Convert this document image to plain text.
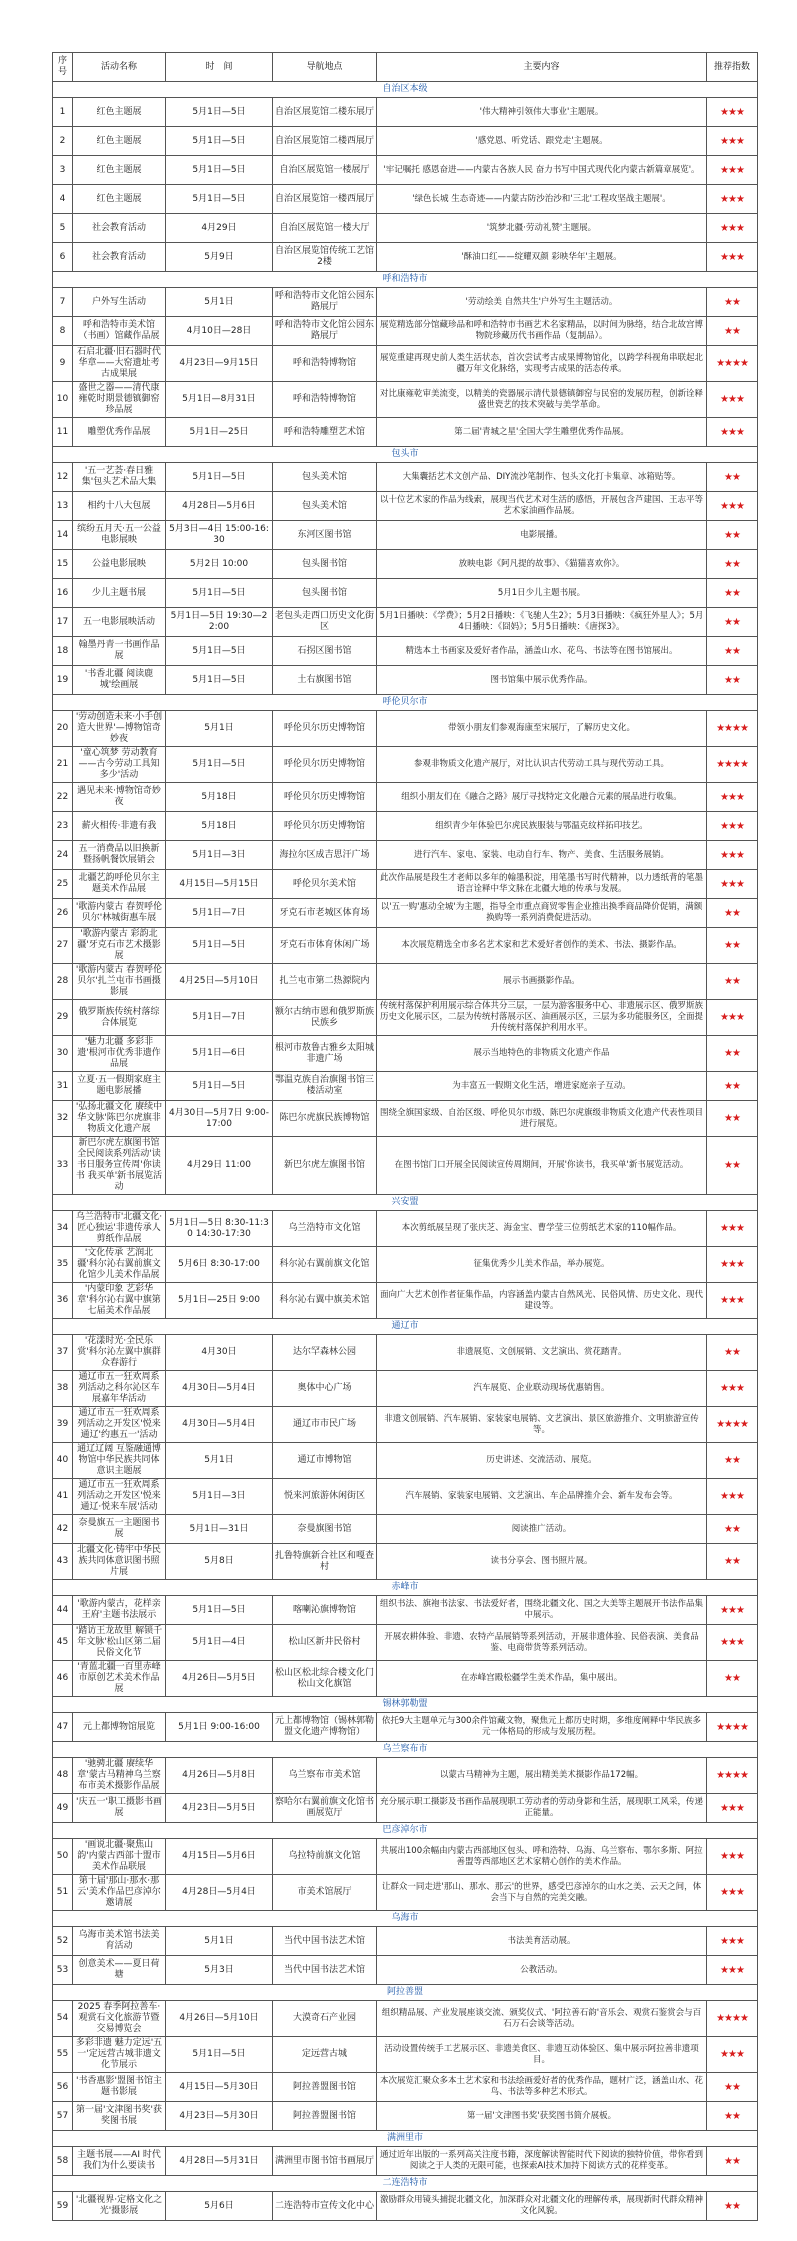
序号	活动名称	时　间	导航地点	主要内容	推荐指数
自治区本级					
1	红色主题展	5月1日—5日	自治区展览馆二楼东展厅	'伟大精神引领伟大事业'主题展。	★★★
2	红色主题展	5月1日—5日	自治区展览馆二楼西展厅	'感党恩、听党话、跟党走'主题展。	★★★
3	红色主题展	5月1日—5日	自治区展览馆一楼展厅	'牢记嘱托 感恩奋进——内蒙古各族人民 奋力书写中国式现代化内蒙古新篇章展览'。	★★★
4	红色主题展	5月1日—5日	自治区展览馆一楼西展厅	'绿色长城 生态奇迹——内蒙古防沙治沙和'三北'工程攻坚战主题展'。	★★★
5	社会教育活动	4月29日	自治区展览馆一楼大厅	'筑梦北疆·劳动礼赞'主题展。	★★★
6	社会教育活动	5月9日	自治区展览馆传统工艺馆2楼	'酥油口红——绽耀双颜 彩映华年'主题展。	★★★
呼和浩特市					
7	户外写生活动	5月1日	呼和浩特市文化馆公园东路展厅	'劳动绘美 自然共生'户外写生主题活动。	★★
8	呼和浩特市美术馆（书画）馆藏作品展	4月10日—28日	呼和浩特市文化馆公园东路展厅	展览精选部分馆藏珍品和呼和浩特市书画艺术名家精品，以时间为脉络，结合北故宫博物院珍藏历代书画作品（复制品）。	★★
9	石启北疆·旧石器时代华章——大窑遗址考古成果展	4月23日—9月15日	呼和浩特博物馆	展览重建再现史前人类生活状态，首次尝试考古成果博物馆化，以跨学科视角串联起北疆万年文化脉络，实现考古成果的活态传承。	★★★★
10	盛世之器——清代康雍乾时期景德镇御窑珍品展	5月1日—8月31日	呼和浩特博物馆	对比康雍乾审美流变，以精美的瓷器展示清代景德镇御窑与民窑的发展历程，创新诠释盛世瓷艺的技术突破与美学革命。	★★★
11	雕塑优秀作品展	5月1日—25日	呼和浩特雕塑艺术馆	第二届'青城之星'全国大学生雕塑优秀作品展。	★★★
包头市					
12	'五一艺荟·春日雅集'包头艺术品大集	5月1日—5日	包头美术馆	大集囊括艺术文创产品、DIY流沙笔制作、包头文化打卡集章、冰箱贴等。	★★
13	相约十八大包展	4月28日—5月6日	包头美术馆	以十位艺术家的作品为线索，展现当代艺术对生活的感悟，开展包含芦建国、王志平等艺术家油画作品展。	★★★
14	缤纷五月天·五一公益电影展映	5月3日—4日 15:00-16:30	东河区图书馆	电影展播。	★★
15	公益电影展映	5月2日 10:00	包头图书馆	放映电影《阿凡提的故事》、《猫猫喜欢你》。	★★
16	少儿主题书展	5月1日—5日	包头图书馆	5月1日少儿主题书展。	★★
17	五一电影展映活动	5月1日—5日 19:30—22:00	老包头走西口历史文化街区	5月1日播映：《学费》；5月2日播映：《飞驰人生2》；5月3日播映：《疯狂外星人》；5月4日播映：《囧妈》；5月5日播映：《唐探3》。	★★
18	翰墨丹青一书画作品展	5月1日—5日	石拐区图书馆	精选本土书画家及爱好者作品，涵盖山水、花鸟、书法等在图书馆展出。	★★
19	'书香北疆 阅读鹿城'绘画展	5月1日—5日	土右旗图书馆	图书馆集中展示优秀作品。	★★
呼伦贝尔市					
20	'劳动创造未来·小手创造大世界'—博物馆奇妙夜	5月1日	呼伦贝尔历史博物馆	带领小朋友们参观海康至宋展厅，了解历史文化。	★★★★
21	'童心筑梦 劳动教育——古今劳动工具知多少'活动	5月1日—5日	呼伦贝尔历史博物馆	参观非物质文化遗产展厅，对比认识古代劳动工具与现代劳动工具。	★★★★
22	遇见未来·博物馆奇妙夜	5月18日	呼伦贝尔历史博物馆	组织小朋友们在《融合之路》展厅寻找特定文化融合元素的展品进行收集。	★★★
23	薪火相传·非遗有我	5月18日	呼伦贝尔历史博物馆	组织青少年体验巴尔虎民族服装与鄂温克纹样拓印技艺。	★★★
24	五一消费品以旧换新暨扬帆餐饮展销会	5月1日—3日	海拉尔区成吉思汗广场	进行汽车、家电、家装、电动自行车、物产、美食、生活服务展销。	★★★
25	北疆艺韵呼伦贝尔主题美术作品展	4月15日—5月15日	呼伦贝尔美术馆	此次作品展是段生才老师以多年的翰墨积淀，用笔墨书写时代精神，以力透纸背的笔墨语言诠释中华文脉在北疆大地的传承与发展。	★★★
26	'歌游内蒙古 春贺呼伦贝尔'林城街惠车展	5月1日—7日	牙克石市老城区体育场	以'五一购'惠动全城'为主题，指导全市重点商贸零售企业推出换季商品降价促销，满额换购等一系列消费促进活动。	★★
27	'歌游内蒙古 彩韵北疆'牙克石市艺术摄影展	5月1日—5日	牙克石市体育休闲广场	本次展览精选全市多名艺术家和艺术爱好者创作的美术、书法、摄影作品。	★★
28	'歌游内蒙古 春贺呼伦贝尔'扎兰屯市书画摄影展	4月25日—5月10日	扎兰屯市第二热源院内	展示书画摄影作品。	★★
29	俄罗斯族传统村落综合体展览	5月1日—7日	额尔古纳市恩和俄罗斯族民族乡	传统村落保护利用展示综合体共分三层，一层为游客服务中心、非遗展示区、俄罗斯族历史文化展示区，二层为传统村落展示区、油画展示区，三层为多功能服务区，全面提升传统村落保护利用水平。	★★★
30	'魅力北疆 多彩非遗'根河市优秀非遗作品展	5月1日—6日	根河市敖鲁古雅乡太阳城非遗广场	展示当地特色的非物质文化遗产作品	★★
31	立夏·五一假期家庭主题电影展播	5月1日—5日	鄂温克族自治旗图书馆三楼活动室	为丰富五一假期文化生活，增进家庭亲子互动。	★★
32	'弘扬北疆文化 赓续中华文脉'陈巴尔虎旗非物质文化遗产展	4月30日—5月7日 9:00-17:00	陈巴尔虎旗民族博物馆	围绕全旗国家级、自治区级、呼伦贝尔市级、陈巴尔虎旗级非物质文化遗产代表性项目进行展览。	★★
33	新巴尔虎左旗图书馆全民阅读系列活动'读书日服务宣传周'你读书 我买单'新书展览活动	4月29日 11:00	新巴尔虎左旗图书馆	在图书馆门口开展全民阅读宣传周期间，开展'你读书，我买单'新书展览活动。	★★
兴安盟					
34	乌兰浩特市'北疆文化·匠心独运'非遗传承人剪纸作品展	5月1日—5日 8:30-11:30 14:30-17:30	乌兰浩特市文化馆	本次剪纸展呈现了张庆芝、海金宝、曹学莹三位剪纸艺术家的110幅作品。	★★★
35	'文化传承 艺润北疆'科尔沁右翼前旗文化馆少儿美术作品展	5月6日 8:30-17:00	科尔沁右翼前旗文化馆	征集优秀少儿美术作品，举办展览。	★★★
36	'内蒙印象 艺彩华章'科尔沁右翼中旗第七届美术作品展	5月1日—25日 9:00	科尔沁右翼中旗美术馆	面向广大艺术创作者征集作品，内容涵盖内蒙古自然风光、民俗风情、历史文化、现代建设等。	★★★
通辽市					
37	'花漾时光·全民乐赏'科尔沁左翼中旗群众春游行	4月30日	达尔罕森林公园	非遗展览、文创展销、文艺演出、赏花踏青。	★★
38	通辽市五一狂欢周系列活动之科尔沁区车展嘉年华活动	4月30日—5月4日	奥体中心广场	汽车展览、企业联动现场优惠销售。	★★★
39	通辽市五一狂欢周系列活动之开发区'悦来通辽'约惠五一'活动	4月30日—5月4日	通辽市市民广场	非遗文创展销、汽车展销、家装家电展销、文艺演出、景区旅游推介、文明旅游宣传等。	★★★★
40	通辽辽阔 互鉴融通博物馆中华民族共同体意识主题展	5月1日	通辽市博物馆	历史讲述、交流活动、展览。	★★
41	通辽市五一狂欢周系列活动之开发区'悦来通辽·悦来车展'活动	5月1日—3日	悦来河旅游休闲街区	汽车展销、家装家电展销、文艺演出、车企品牌推介会、新车发布会等。	★★★
42	奈曼旗五一主题图书展	5月1日—31日	奈曼旗图书馆	阅读推广活动。	★★
43	北疆文化·铸牢中华民族共同体意识图书照片展	5月8日	扎鲁特旗新合社区和嘎查村	读书分享会、图书照片展。	★★
赤峰市					
44	'歌游内蒙古，花样亲王府'主题书法展示	5月1日—5日	喀喇沁旗博物馆	组织书法、旗袍书法家、书法爱好者，围绕北疆文化、国之大美等主题展开书法作品集中展示。	★★★
45	'踏访王龙故里 解锁千年文脉'松山区第二届民俗文化节	5月1日—4日	松山区新井民俗村	开展农耕体验、非遗、农特产品展销等系列活动，开展非遗体验、民俗表演、美食品鉴、电商带货等系列活动。	★★★
46	'青蓝北疆一百里赤峰市原创艺术美术作品展	4月26日—5月5日	松山区松北综合楼文化门松山文化旗馆	在赤峰宫殿松疆学生美术作品，集中展出。	★★
锡林郭勒盟					
47	元上都博物馆展览	5月1日 9:00-16:00	元上都博物馆（锡林郭勒盟文化遗产博物馆）	依托9大主题单元与300余件馆藏文物，聚焦元上都历史时期，多维度阐释中华民族多元一体格局的形成与发展历程。	★★★★
乌兰察布市					
48	'驰骋北疆 赓续华章'蒙古马精神乌兰察布市美术摄影作品展	4月26日—5月8日	乌兰察布市美术馆	以蒙古马精神为主题，展出精美美术摄影作品172幅。	★★★★
49	'庆五一'职工摄影书画展	4月23日—5月5日	察哈尔右翼前旗文化馆书画展览厅	充分展示职工摄影及书画作品展现职工劳动者的劳动身影和生活，展现职工风采，传递正能量。	★★★
巴彦淖尔市					
50	'画说北疆·聚焦山韵'内蒙古西部十盟市美术作品联展	4月15日—5月6日	乌拉特前旗文化馆	共展出100余幅由内蒙古西部地区包头、呼和浩特、乌海、乌兰察布、鄂尔多斯、阿拉善盟等西部地区艺术家精心创作的美术作品。	★★★
51	第十届'那山·那水·那云'美术作品巴彦淖尔邀请展	4月28日—5月4日	市美术馆展厅	让群众一同走进'那山、那水、那云'的世界，感受巴彦淖尔的山水之美、云天之间，体会当下与自然的完美交融。	★★★
乌海市					
52	乌海市美术馆书法美育活动	5月1日	当代中国书法艺术馆	书法美育活动展。	★★★
53	创意美术——夏日荷塘	5月3日	当代中国书法艺术馆	公教活动。	★★★
阿拉善盟					
54	2025 春季阿拉善车·观赏石文化旅游节暨交易博览会	4月26日—5月10日	大漠奇石产业园	组织精品展、产业发展座谈交流、颁奖仪式、'阿拉善石韵'音乐会、观赏石鉴赏会与百石万石会谈等活动。	★★★★
55	多彩非遗 魅力定远'五一'定远营古城非遗文化节展示	5月1日—5日	定远营古城	活动设置传统手工艺展示区、非遗美食区、非遗互动体验区、集中展示阿拉善非遗项目。	★★★
56	'书香惠影'盟图书馆主题书影展	4月15日—5月30日	阿拉善盟图书馆	本次展览汇聚众多本土艺术家和书法绘画爱好者的优秀作品，题材广泛，涵盖山水、花鸟、书法等多种艺术形式。	★★
57	第一届'文津图书奖'获奖图书展	4月23日—5月30日	阿拉善盟图书馆	第一届'文津图书奖'获奖图书简介展板。	★★
满洲里市					
58	主题书展——AI 时代我们为什么要读书	4月28日—5月31日	满洲里市图书馆书画展厅	通过近年出版的一系列高关注度书籍，深度解读智能时代下阅读的独特价值，带你看到阅读之于人类的无限可能，也探索AI技术加持下阅读方式的花样变革。	★★
二连浩特市					
59	'北疆视界·定格文化之光'摄影展	5月6日	二连浩特市宣传文化中心	激励群众用镜头捕捉北疆文化，加深群众对北疆文化的理解传承，展现新时代群众精神文化风貌。	★★
